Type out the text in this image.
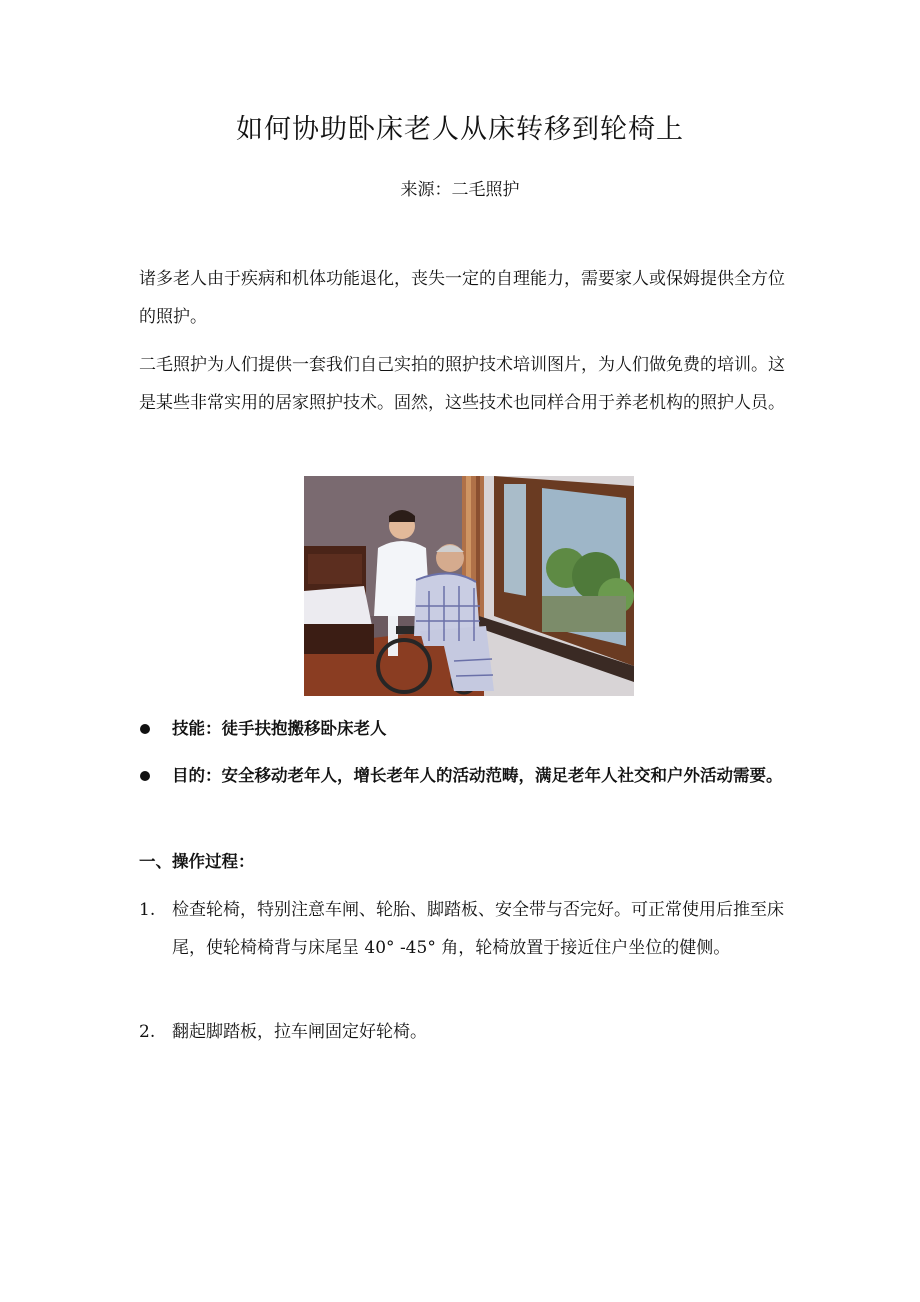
如何协助卧床老人从床转移到轮椅上
来源：二毛照护

诸多老人由于疾病和机体功能退化，丧失一定的自理能力，需要家人或保姆提供全方位的照护。

二毛照护为人们提供一套我们自己实拍的照护技术培训图片，为人们做免费的培训。这是某些非常实用的居家照护技术。固然，这些技术也同样合用于养老机构的照护人员。

技能：徒手扶抱搬移卧床老人
目的：安全移动老年人，增长老年人的活动范畴，满足老年人社交和户外活动需要。
一、操作过程：
1. 检查轮椅，特别注意车闸、轮胎、脚踏板、安全带与否完好。可正常使用后推至床尾，使轮椅椅背与床尾呈 40° -45° 角，轮椅放置于接近住户坐位的健侧。
2. 翻起脚踏板，拉车闸固定好轮椅。
